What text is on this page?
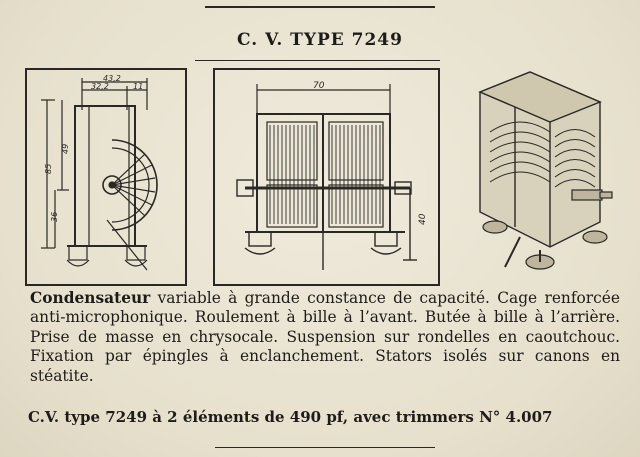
C. V. TYPE 7249
43,2
32,2	11
85
49
36
70
40

Condensateur variable à grande constance de capacité. Cage renforcée anti-microphonique. Roulement à bille à l’avant. Butée à bille à l’arrière. Prise de masse en chrysocale. Suspension sur rondelles en caoutchouc. Fixation par épingles à enclanchement. Stators isolés sur canons en stéatite.

C.V. type 7249 à 2 éléments de 490 pf, avec trimmers N° 4.007
